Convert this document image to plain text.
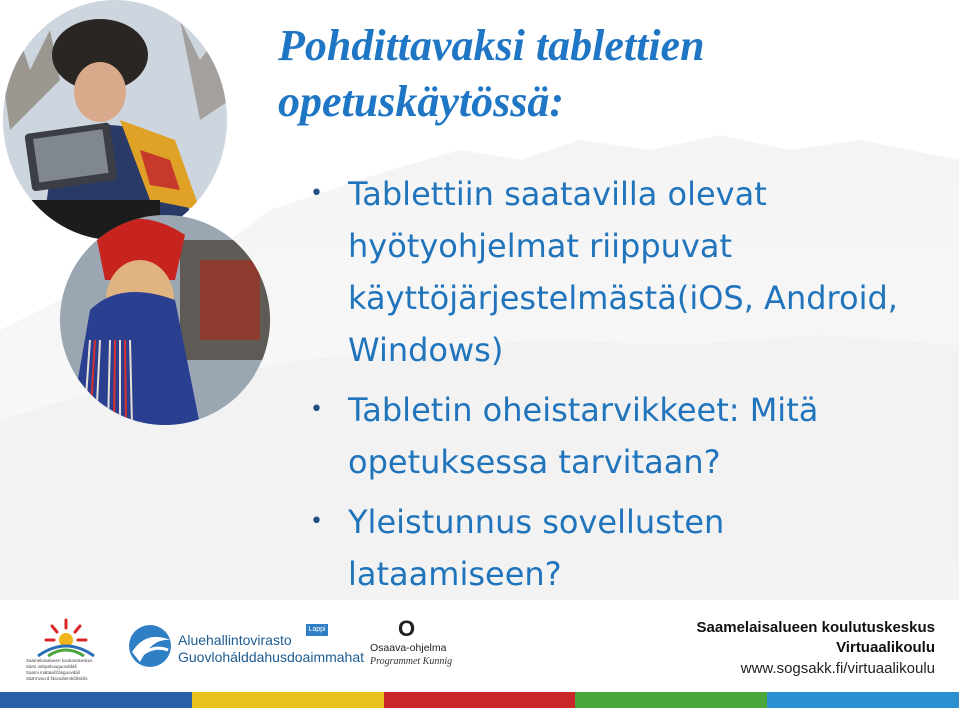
Pohdittavaksi tablettien opetuskäytössä:
• Tablettiin saatavilla olevat hyötyohjelmat riippuvat käyttöjärjestelmästä(iOS, Android, Windows)
• Tabletin oheistarvikkeet: Mitä opetuksessa tarvitaan?
• Yleistunnus sovellusten lataamiseen?
Saamelaisalueen koulutuskeskus
Sámi oahpahusguovddáš
Saami máttaaččâsguovdáš
Sääʹmvuuʹd škooultemkõõskõs
Aluehallintovirasto
Guovlohálddahusdoaimmahat
Lappi	O
Osaava-ohjelma
Programmet Kunnig
Saamelaisalueen koulutuskeskus
Virtuaalikoulu
www.sogsakk.fi/virtuaalikoulu
